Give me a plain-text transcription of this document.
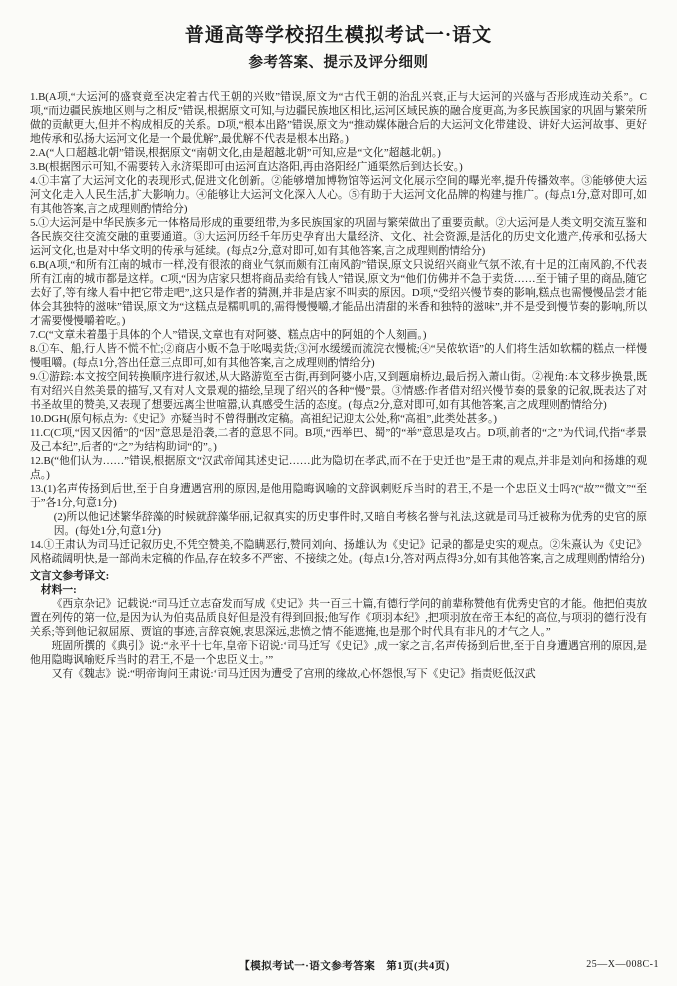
普通高等学校招生模拟考试一·语文
参考答案、提示及评分细则

1.B(A项,“大运河的盛衰竟至决定着古代王朝的兴败”错误,原文为“古代王朝的治乱兴衰,正与大运河的兴盛与否形成连动关系”。C项,“而边疆民族地区则与之相反”错误,根据原文可知,与边疆民族地区相比,运河区域民族的融合度更高,为多民族国家的巩固与繁荣所做的贡献更大,但并不构成相反的关系。D项,“根本出路”错误,原文为“推动媒体融合后的大运河文化带建设、讲好大运河故事、更好地传承和弘扬大运河文化是一个最优解”,最优解不代表是根本出路。)

2.A(“人口超越北朝”错误,根据原文“南朝文化,由是超越北朝”可知,应是“文化”超越北朝。)

3.B(根据图示可知,不需要转入永济渠即可由运河直达洛阳,再由洛阳经广通渠然后到达长安。)

4.①丰富了大运河文化的表现形式,促进文化创新。②能够增加博物馆等运河文化展示空间的曝光率,提升传播效率。③能够使大运河文化走入人民生活,扩大影响力。④能够让大运河文化深入人心。⑤有助于大运河文化品牌的构建与推广。(每点1分,意对即可,如有其他答案,言之成理则酌情给分)

5.①大运河是中华民族多元一体格局形成的重要纽带,为多民族国家的巩固与繁荣做出了重要贡献。②大运河是人类文明交流互鉴和各民族交往交流交融的重要通道。③大运河历经千年历史孕育出大量经济、文化、社会资源,是活化的历史文化遗产,传承和弘扬大运河文化,也是对中华文明的传承与延续。(每点2分,意对即可,如有其他答案,言之成理则酌情给分)

6.B(A项,“和所有江南的城市一样,没有很浓的商业气氛而颇有江南风韵”错误,原文只说绍兴商业气氛不浓,有十足的江南风韵,不代表所有江南的城市都是这样。C项,“因为店家只想将商品卖给有钱人”错误,原文为“他们仿佛并不急于卖货……至于铺子里的商品,随它去好了,等有缘人看中把它带走吧”,这只是作者的猜测,并非是店家不叫卖的原因。D项,“受绍兴慢节奏的影响,糕点也需慢慢品尝才能体会其独特的滋味”错误,原文为“这糕点是糯叽叽的,需得慢慢嚼,才能品出清甜的米香和独特的滋味”,并不是受到慢节奏的影响,所以才需要慢慢嚼着吃。)

7.C(“文章未着墨于具体的个人”错误,文章也有对阿婆、糕点店中的阿姐的个人刻画。)

8.①车、船,行人皆不慌不忙;②商店小贩不急于吆喝卖货;③河水缓缓而流浣衣慢梳;④“吴侬软语”的人们将生活如软糯的糕点一样慢慢咀嚼。(每点1分,答出任意三点即可,如有其他答案,言之成理则酌情给分)

9.①游踪:本文按空间转换顺序进行叙述,从大路游览至古街,再到阿婆小店,又到题扇桥边,最后拐入萧山街。②视角:本文移步换景,既有对绍兴自然美景的描写,又有对人文景观的描绘,呈现了绍兴的各种“慢”景。③情感:作者借对绍兴慢节奏的景象的记叙,既表达了对书圣故里的赞美,又表现了想要远离尘世喧嚣,认真感受生活的态度。(每点2分,意对即可,如有其他答案,言之成理则酌情给分)

10.DGH(原句标点为:《史记》亦疑当时不曾得删改定稿。高祖纪记迎太公处,称“高祖”,此类处甚多。)

11.C(C项,“因又因循”的“因”意思是沿袭,二者的意思不同。B项,“西举巴、蜀”的“举”意思是攻占。D项,前者的“之”为代词,代指“孝景及己本纪”,后者的“之”为结构助词“的”。)

12.B(“他们认为……”错误,根据原文“汉武帝闻其述史记……此为隐切在孝武,而不在于史迁也”是王肃的观点,并非是刘向和扬雄的观点。)

13.(1)名声传扬到后世,至于自身遭遇宫刑的原因,是他用隐晦讽喻的文辞讽刺贬斥当时的君王,不是一个忠臣义士吗?(“故”“微文”“至于”各1分,句意1分)

(2)所以他记述繁华辞藻的时候就辞藻华丽,记叙真实的历史事件时,又暗自考核名誉与礼法,这就是司马迁被称为优秀的史官的原因。(每处1分,句意1分)

14.①王肃认为司马迁记叙历史,不凭空赞美,不隐瞒恶行,赞同刘向、扬雄认为《史记》记录的都是史实的观点。②朱熹认为《史记》风格疏阔明快,是一部尚未定稿的作品,存在较多不严密、不接续之处。(每点1分,答对两点得3分,如有其他答案,言之成理则酌情给分)

文言文参考译文:

材料一:

《西京杂记》记载说:“司马迁立志奋发而写成《史记》共一百三十篇,有德行学问的前辈称赞他有优秀史官的才能。他把伯夷放置在列传的第一位,是因为认为伯夷品质良好但是没有得到回报;他写作《项羽本纪》,把项羽放在帝王本纪的高位,与项羽的德行没有关系;等到他记叙屈原、贾谊的事迹,言辞哀婉,衷思深远,悲愤之情不能遮掩,也是那个时代具有非凡的才气之人。”

班固所撰的《典引》说:“永平十七年,皇帝下诏说:‘司马迁写《史记》,成一家之言,名声传扬到后世,至于自身遭遇宫刑的原因,是他用隐晦讽喻贬斥当时的君王,不是一个忠臣义士。’”

又有《魏志》说:“明帝询问王肃说:‘司马迁因为遭受了宫刑的缘故,心怀怨恨,写下《史记》指责贬低汉武

【模拟考试一·语文参考答案　第1页(共4页)	25—X—008C-1
